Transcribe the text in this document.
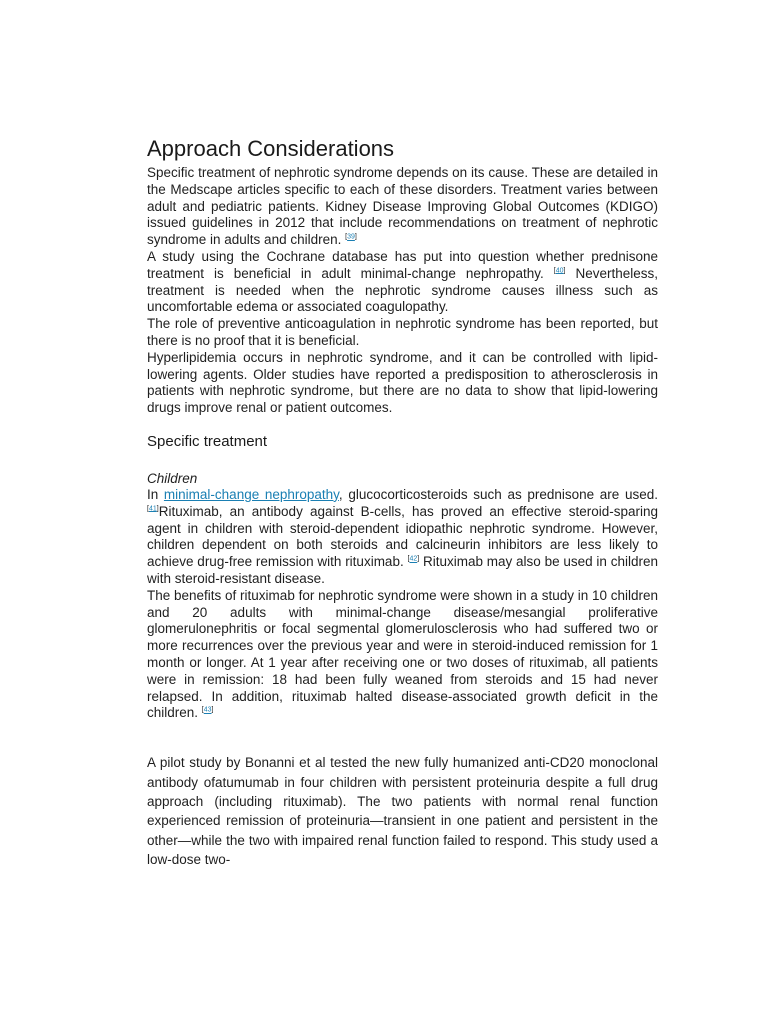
Approach Considerations

Specific treatment of nephrotic syndrome depends on its cause. These are detailed in the Medscape articles specific to each of these disorders. Treatment varies between adult and pediatric patients. Kidney Disease Improving Global Outcomes (KDIGO) issued guidelines in 2012 that include recommendations on treatment of nephrotic syndrome in adults and children. [39]

A study using the Cochrane database has put into question whether prednisone treatment is beneficial in adult minimal-change nephropathy. [40] Nevertheless, treatment is needed when the nephrotic syndrome causes illness such as uncomfortable edema or associated coagulopathy.

The role of preventive anticoagulation in nephrotic syndrome has been reported, but there is no proof that it is beneficial.

Hyperlipidemia occurs in nephrotic syndrome, and it can be controlled with lipid-lowering agents. Older studies have reported a predisposition to atherosclerosis in patients with nephrotic syndrome, but there are no data to show that lipid-lowering drugs improve renal or patient outcomes.

Specific treatment
Children

In minimal-change nephropathy, glucocorticosteroids such as prednisone are used.[41]Rituximab, an antibody against B-cells, has proved an effective steroid-sparing agent in children with steroid-dependent idiopathic nephrotic syndrome. However, children dependent on both steroids and calcineurin inhibitors are less likely to achieve drug-free remission with rituximab. [42] Rituximab may also be used in children with steroid-resistant disease.

The benefits of rituximab for nephrotic syndrome were shown in a study in 10 children and 20 adults with minimal-change disease/mesangial proliferative glomerulonephritis or focal segmental glomerulosclerosis who had suffered two or more recurrences over the previous year and were in steroid-induced remission for 1 month or longer. At 1 year after receiving one or two doses of rituximab, all patients were in remission: 18 had been fully weaned from steroids and 15 had never relapsed. In addition, rituximab halted disease-associated growth deficit in the children. [43]

A pilot study by Bonanni et al tested the new fully humanized anti-CD20 monoclonal antibody ofatumumab in four children with persistent proteinuria despite a full drug approach (including rituximab). The two patients with normal renal function experienced remission of proteinuria—transient in one patient and persistent in the other—while the two with impaired renal function failed to respond. This study used a low-dose two-
